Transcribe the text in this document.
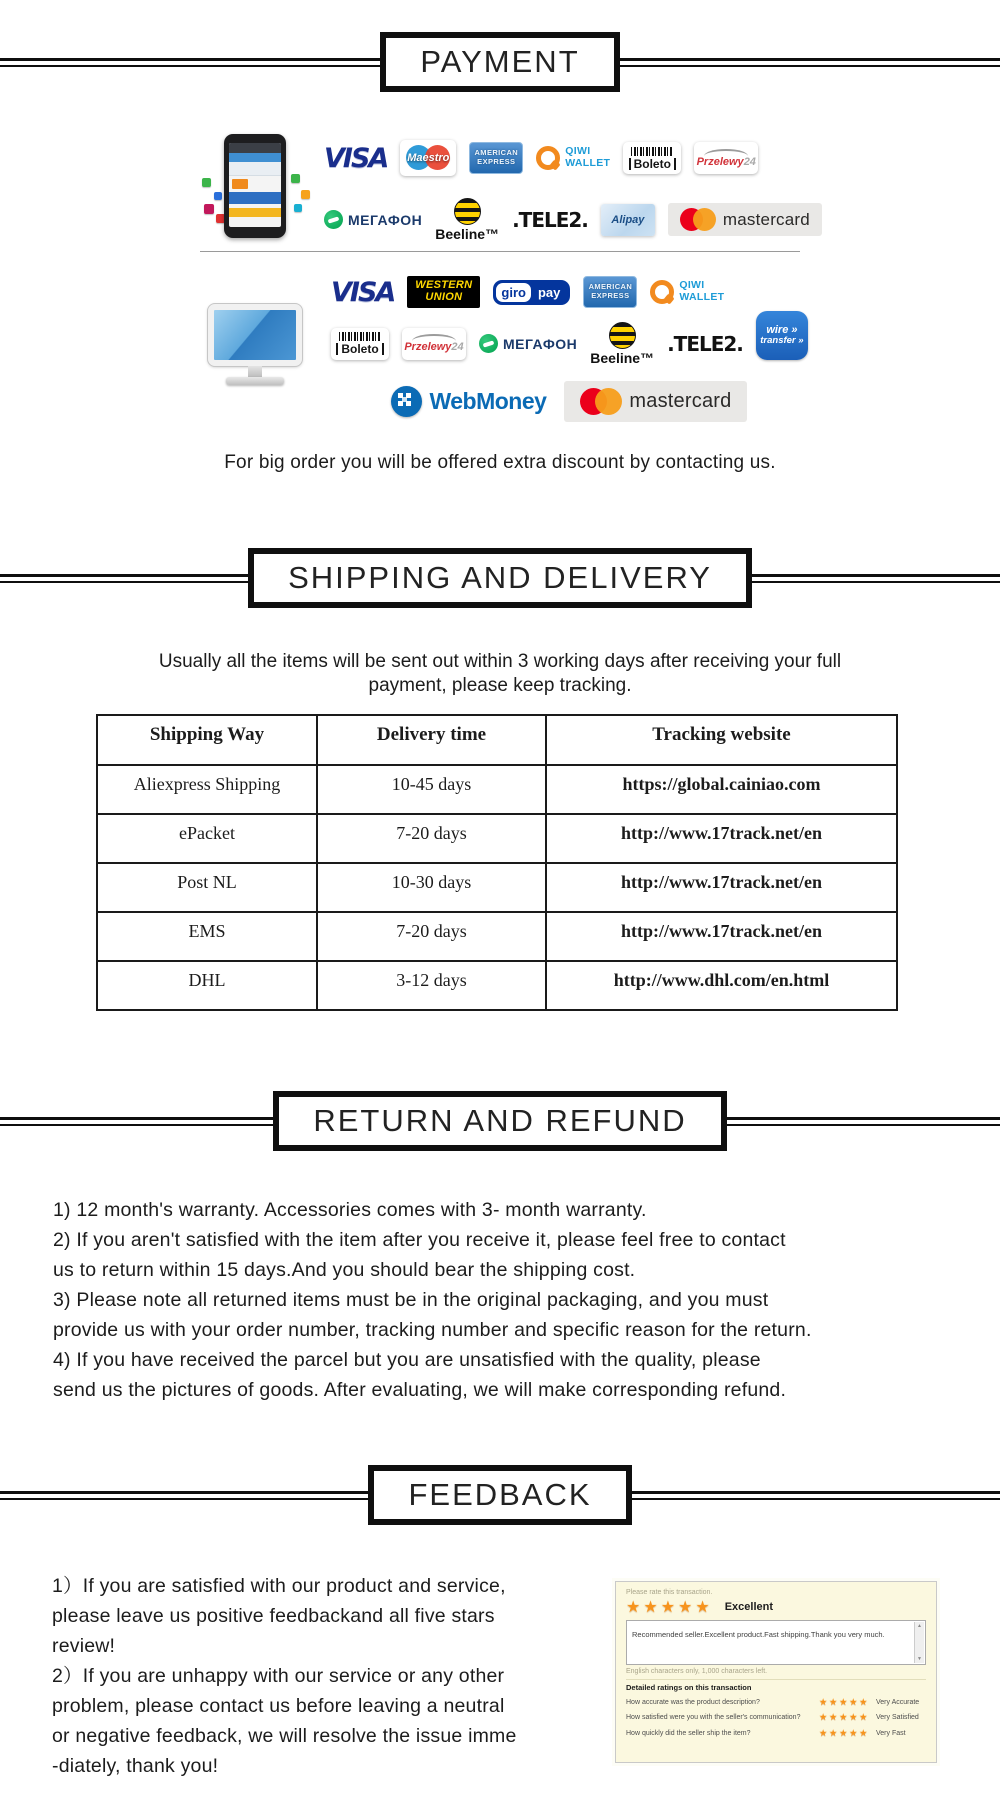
PAYMENT
VISA	Maestro	AMERICAN
EXPRESS
QIWI
WALLET	Boleto	Przelewy24
МЕГАФОН
Beeline™
.TELE2.	Alipay	mastercard
VISA WESTERN
UNION	giro pay	AMERICAN
EXPRESS
QIWI
WALLET
Boleto	Przelewy24	МЕГАФОН
Beeline™
.TELE2.
wire »
transfer »
WebMoney	mastercard
For big order you will be offered extra discount by contacting us.
SHIPPING AND DELIVERY
Usually all the items will be sent out within 3 working days after receiving your full
payment, please keep tracking.
Shipping Way	Delivery time	Tracking website
Aliexpress Shipping	10-45 days	https://global.cainiao.com
ePacket	7-20 days	http://www.17track.net/en
Post NL	10-30 days	http://www.17track.net/en
EMS	7-20 days	http://www.17track.net/en
DHL	3-12 days	http://www.dhl.com/en.html
RETURN AND REFUND
1) 12 month's warranty. Accessories comes with 3- month warranty.
2) If you aren't satisfied with the item after you receive it, please feel free to contact
us to return within 15 days.And you should bear the shipping cost.
3) Please note all returned items must be in the original packaging, and you must
provide us with your order number, tracking number and specific reason for the return.
4) If you have received the parcel but you are unsatisfied with the quality, please
send us the pictures of goods. After evaluating, we will make corresponding refund.
FEEDBACK
1）If you are satisfied with our product and service,
please leave us positive feedbackand all five stars
review!
2）If you are unhappy with our service or any other
problem, please contact us before leaving a neutral
or negative feedback, we will resolve the issue imme
-diately, thank you!
Please rate this transaction.
★★★★★ Excellent
Recommended seller.Excellent product.Fast shipping.Thank you very much.
▲
▼
English characters only, 1,000 characters left.
Detailed ratings on this transaction
How accurate was the product description?	★★★★★ Very Accurate
How satisfied were you with the seller's communication?	★★★★★ Very Satisfied
How quickly did the seller ship the item?	★★★★★ Very Fast
